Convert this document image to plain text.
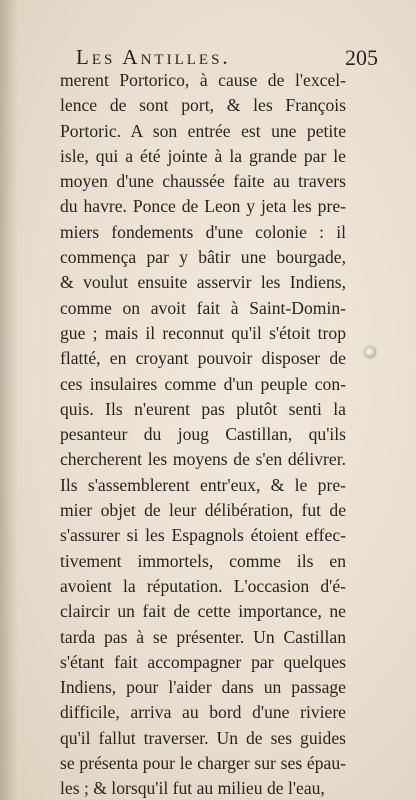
Les Antilles.	205
merent Portorico, à cause de l'excel-
lence de sont port, & les François
Portoric. A son entrée est une petite
isle, qui a été jointe à la grande par le
moyen d'une chaussée faite au travers
du havre. Ponce de Leon y jeta les pre-
miers fondements d'une colonie : il
commença par y bâtir une bourgade,
& voulut ensuite asservir les Indiens,
comme on avoit fait à Saint-Domin-
gue ; mais il reconnut qu'il s'étoit trop
flatté, en croyant pouvoir disposer de
ces insulaires comme d'un peuple con-
quis. Ils n'eurent pas plutôt senti la
pesanteur du joug Castillan, qu'ils
chercherent les moyens de s'en délivrer.
Ils s'assemblerent entr'eux, & le pre-
mier objet de leur délibération, fut de
s'assurer si les Espagnols étoient effec-
tivement immortels, comme ils en
avoient la réputation. L'occasion d'é-
claircir un fait de cette importance, ne
tarda pas à se présenter. Un Castillan
s'étant fait accompagner par quelques
Indiens, pour l'aider dans un passage
difficile, arriva au bord d'une riviere
qu'il fallut traverser. Un de ses guides
se présenta pour le charger sur ses épau-
les ; & lorsqu'il fut au milieu de l'eau,
